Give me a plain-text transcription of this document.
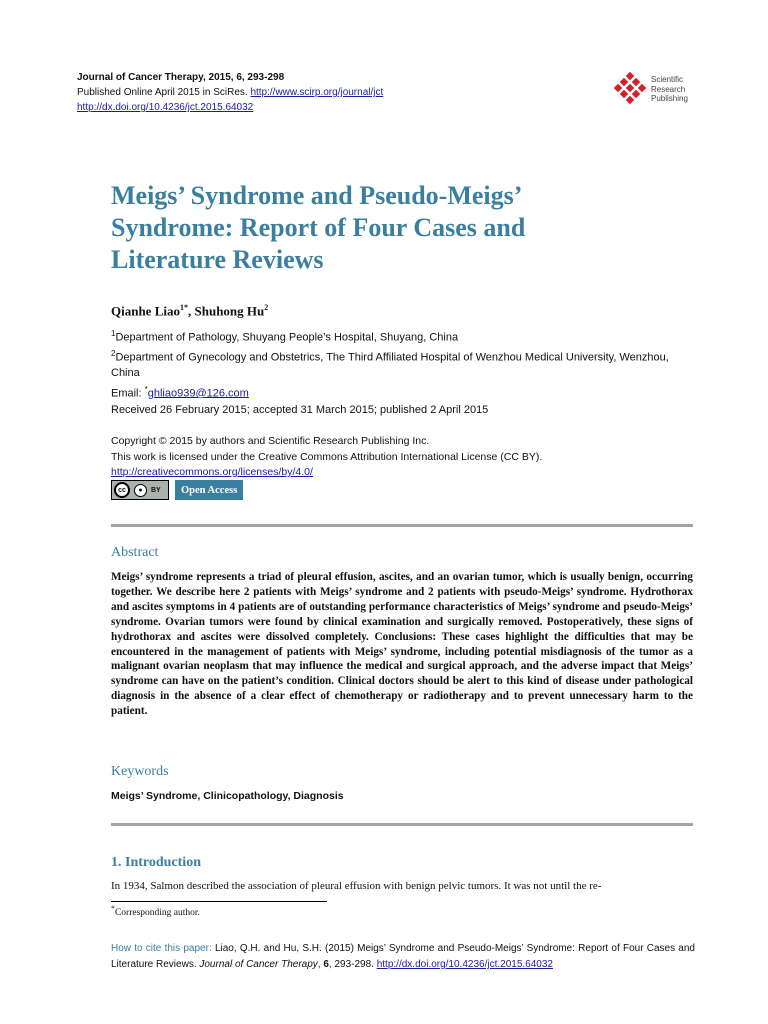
Journal of Cancer Therapy, 2015, 6, 293-298
Published Online April 2015 in SciRes. http://www.scirp.org/journal/jct
http://dx.doi.org/10.4236/jct.2015.64032
Scientific
Research
Publishing
Meigs’ Syndrome and Pseudo-Meigs’
Syndrome: Report of Four Cases and
Literature Reviews
Qianhe Liao$^{1*}$, Shuhong Hu$^2$
$^1$Department of Pathology, Shuyang People’s Hospital, Shuyang, China
$^2$Department of Gynecology and Obstetrics, The Third Affiliated Hospital of Wenzhou Medical University, Wenzhou, China
Email: *ghliao939@126.com
Received 26 February 2015; accepted 31 March 2015; published 2 April 2015
Copyright © 2015 by authors and Scientific Research Publishing Inc.
This work is licensed under the Creative Commons Attribution International License (CC BY).
http://creativecommons.org/licenses/by/4.0/
cc	●	BY	Open Access
Abstract
Meigs’ syndrome represents a triad of pleural effusion, ascites, and an ovarian tumor, which is usually benign, occurring together. We describe here 2 patients with Meigs’ syndrome and 2 patients with pseudo-Meigs’ syndrome. Hydrothorax and ascites symptoms in 4 patients are of outstanding performance characteristics of Meigs’ syndrome and pseudo-Meigs’ syndrome. Ovarian tumors were found by clinical examination and surgically removed. Postoperatively, these signs of hydrothorax and ascites were dissolved completely. Conclusions: These cases highlight the difficulties that may be encountered in the management of patients with Meigs’ syndrome, including potential misdiagnosis of the tumor as a malignant ovarian neoplasm that may influence the medical and surgical approach, and the adverse impact that Meigs’ syndrome can have on the patient’s condition. Clinical doctors should be alert to this kind of disease under pathological diagnosis in the absence of a clear effect of chemotherapy or radiotherapy and to prevent unnecessary harm to the patient.
Keywords
Meigs’ Syndrome, Clinicopathology, Diagnosis
1. Introduction
In 1934, Salmon described the association of pleural effusion with benign pelvic tumors. It was not until the re-
*Corresponding author.
How to cite this paper: Liao, Q.H. and Hu, S.H. (2015) Meigs’ Syndrome and Pseudo-Meigs’ Syndrome: Report of Four Cases and Literature Reviews. Journal of Cancer Therapy, 6, 293-298. http://dx.doi.org/10.4236/jct.2015.64032
